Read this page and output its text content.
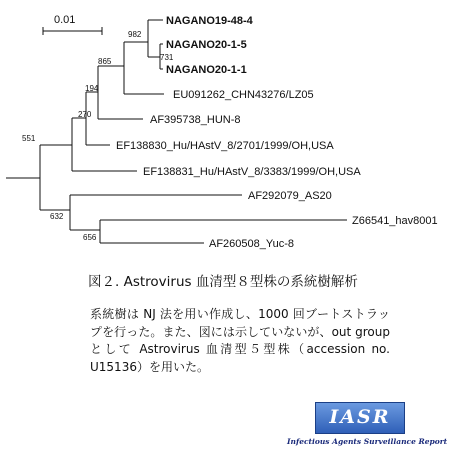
0.01	NAGANO19-48-4
NAGANO20-1-5
NAGANO20-1-1
EU091262_CHN43276/LZ05
AF395738_HUN-8
EF138830_Hu/HAstV_8/2701/1999/OH,USA
EF138831_Hu/HAstV_8/3383/1999/OH,USA
AF292079_AS20
Z66541_hav8001
AF260508_Yuc-8
982
731
865
194
270
551
632
656
図２. Astrovirus 血清型８型株の系統樹解析

系統樹は NJ 法を用い作成し、1000 回ブートストラップを行った。また、図には示していないが、out group として Astrovirus 血清型５型株（accession no. U15136）を用いた。

IASR
Infectious Agents Surveillance Report
